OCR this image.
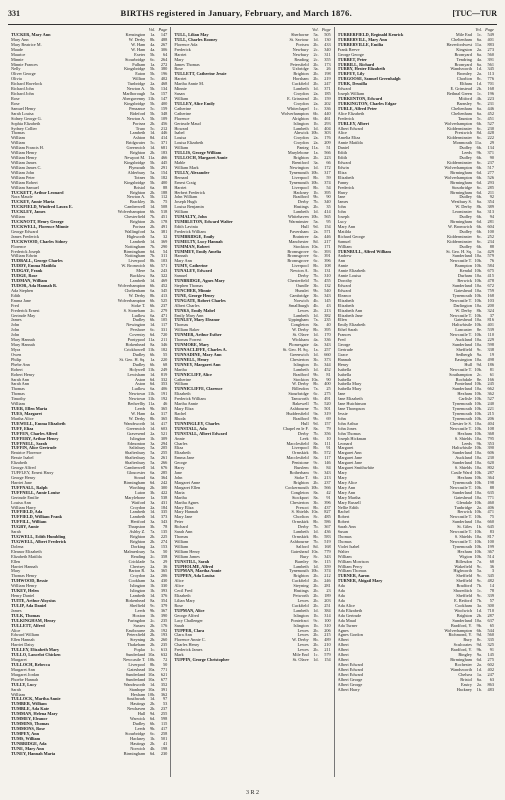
331	BIRTHS registered in January, February, and March 1876.	[TUC—TUR
Vol. Page
TUCKER, Mary Ann	Kensington	1a.	147
Mary Ann	W. Derby	8b.	488
Mary Beatrice M.	W. Ham	4a.	267
Maude	W. Ham	4a.	306
Maurice	Exeter	5b.	64
Minnie	Stourbridge	6c.	264
Minnie Frances	Fulham	1a.	272
Nelly	Kingsbridge	5b.	380
Oliver George	Eaton	5b.	196
Olivia	Willton	5c.	402
Richard Havelock	Tunbridge	2a.	468
Richard John	Newton A.	5b.	134
Richard John	Marlborough	5a.	157
Rose	Abergavenny 11b.	147
Rose	Kingsbridge	5b.	400
Samuel Henry	Penzance	5c.	159
Sarah Louisa	Bideford	5b.	348
Sidney George G.	Newton A.	5b.	109
Sophia Elizabeth	Portsea	2b.	456
Sydney Collier	Truro	5c.	212
Thomas	Lambeth	1d.	446
William	Ashton	8d.	414
William	Bridgwater	5c.	371
William Francis H.	Greenwich	1d.	681
William Henry	Brighton	2b.	183
William Henry	Newport M. 11a.	466
William James	Kingsbridge	5b.	445
William James C.	Plymouth	5b.	291
William John	Alderbury	5a.	154
William Peter	Totnes	5b.	182
William Robert	Kingsbridge	5b.	400
William Samuel	Bristol	6a.	88
TUCKETT, Arthur Leonard	Brighton	2b.	188
Nora Maude	Newton A.	5b.	112
TUCKEY, Annie Maria	Brackley	3b.	75
TUCKFIELD, Winifred Laura E.	Camberwell	1d.	508
TUCKLEY, James	Wolverhampton	6b.	518
William	Chesterfield	7b.	451
TUCKNOTT, Henry George	Brighton	2b.	178
TUCKWELL, Florence Minnie	Portsea	2b.	491
George Edward	Wallingford	3a.	381
James Frederick	Highworth	5a.	32
TUCKWOOD, Charles Sidney	Lambeth	1d.	369
Florence	Nottingham	7b.	290
Frederick Joseph	Birmingham	6d.	54
William Edwin	Nottingham	7b.	311
TUDBALL, George Charles	Liverpool	8b.	103
TUDDY, Emma Matilda	W. Bromwich	6b.	571
TUDGAY, Frank	Mere	5a.	243
TUDGE, Rose	Bucklow	8a.	322
TUDMAN, William	Lambeth	1d.	469
TUDOR, Ada Hannah B.	Wolverhampton	6b.	452
Ada Stephen	Cheltenham	6a.	345
Edith	W. Derby	8b.	413
Emma Jane	Wolverhampton	6b.	525
Fred	Stoke T.	6b.	237
Frederick Ernest	S. Stoneham	2c.	279
Gertrude May	Ludlow	6a.	471
James	Dudley	6b.	105
John	Newington	1d.	117
John	Pershore	6c.	331
John	Coventry	6d.	720
Mary Hannah	Pontypool 11a.	211
Mary Hannah	Birkenhead	8a.	346
Myra	Crickhowell 11b.	182
Owen	Dudley	6b.	55
Philip	St. Geo. H. Sq.	1a.	220
Phebe Ann	Dudley	6b.	68
Robert	Holywell 11b.	249
Robert Henry	Lewisham	1d.	819
Sarah Ann	Aston	6d.	332
Sarah Ann	Aston	6d.	353
Thomas	Ludlow	6a.	406
Thomas	Newtown 11b.	191
Timothy	Newtown 11b.	192
William	Bedwellty 11a.	46
TUER, Ellen Maria	Leeds	9b.	365
TUES, Margaret	W. Ham	4a.	317
Martha Alice	W. Derby	8b.	365
TUEWELL, Emma Elizabeth	Wandsworth	1d.	417
TUFF, Eliza	Greenwich	1d.	603
TUFFEN, Charles Alfred	Gravesend	2a.	521
TUFFERY, Arthur Henry	Islington	1b.	309
TUFFNELL, Sarah	Edmonton	3a.	294
TUFFIN, Alice Gertrude	Salisbury	5a.	205
Beatrice Florence	Shaftesbury	5a.	255
Bessie Isabel	Shaftesbury	5a.	261
Elizabeth	Shaftesbury	5a.	266
George Alfred	Camberwell	1d.	676
TUFFLEY, Ernest Harry	Gloucester	6a.	285
George Henry	Stroud	6a.	364
Harriet Jane	Birmingham	6d.	242
TUFFNALL, Ralph	Worthing	2b.	300
TUFFNELL, Annie Louise	Luton	3b.	422
Gertrude Emilie	Marylebone	1a.	538
Louisa Ann	Watford	3a.	431
William Harry	Croydon	2a.	184
TUFFIELD, Ada	Lambeth	1d.	335
TUFFIELD, William Frank	Lambeth	1d.	373
TUFFILL, William	Hertford	3a.	343
TUGBY, Annie	Thrapston	3b.	78
Sarah	Ashby Z.	7a.	135
TUGWELL, Edith Humbling	Brighton	2b.	225
TUGWELL, Albert Frederick	Brighton	2b.	274
Dolena	Dorking	2a.	153
Eleanor Elizabeth	Malmesbury	5a.	50
Elizabeth Matilda	Reading	2c.	358
Ellen	Cricklade	5a.	29
Harriet Hannah	Chertsey	2a.	36
Mary	Barton R.	3a.	365
Thomas Henry	Croydon	2a.	206
TUHWOOD, Bessie	Cookham	3a.	430
William Henry	Islington	1b.	330
TUKEY, Helen	Islington	1b.	393
Henry Daniel	Lambeth	1d.	376
TUITE, Arthur Aloysius	Birkenhead	8a.	354
TULIP, Ada Daniel	Sheffield	9c.	379
James	Leeds	9b.	367
TULK, Thomas	Hoxton	1b.	390
TULKINGHAM, Henry	Faringdon	2c.	235
TULLETT, Alfred	Sussex	2b.	176
Alice	Eastbourne	2b.	192
Edward William	Petersfield	2b.	193
Ellen Hannah	Steyning	2b.	260
Harriet Daisy	Thakeham	2b.	235
TULLEY, Elizabeth Mary	Poplar	1c.	613
TULLO, Lancelot Chicken	Sunderland 10a.	632
Margaret	Newcastle T. 10b.	72
TULLOCH, Rebecca	Liverpool	8b.	50
Margaret Ann	Gateshead 10a.	771
Margaret Jordan	Sunderland 10a.	621
Phoebe Hannah	Sunderland 10a.	677
TULLY, Lucy	Wandsworth	1d.	352
Sarah	Stanhope 10a.	391
William	Hexham 10b.	362
TULLOCK, Martha Annie	Southwark	1d.	97
TUMBER, William	Hastings	2b.	53
TUMBLE, Ada Kate	Newhaven	2b.	237
TUMMAN, Helena Mary	Hull	9d.	255
TUMMEY, Eleanor	Warwick	6d.	598
TUMMINS, Thomas	Dudley	6b.	115
TUMMONS, Rose	Leeds	9b.	417
TUMPEY, Ann	Stourbridge	6c.	258
TUMS, William	Hackney	1b.	501
TUNBRIDGE, Ada	Hastings	2b.	41
TUNE, Mary Ann	Norwich	4b.	198
TUNEY, Hannah Maria	Birmingham	6d.	230
Vol. Page
TULL, Lilian May	Sherborne	5a.	505
TULL, Charles Rooney	St. Saviour	1d.	130
Florence Ada	Portsea	2b.	433
Frederick	Newbury	2c.	340
Harriet	Newbury	2c.	311
Mary	Reading	2c.	355
James Thomas	Petersfield	2b.	173
Rose	Uxbridge	3a.	26
TULLETT, Catherine Jessie	Brighton	2b.	198
Harriet	Horsham	2b.	219
Martha Annie M.	Cuckfield	2b.	247
Minnie	Lambeth	1d.	371
Susan	Croydon	2a.	185
William	E. Grinstead	2b.	159
TULLEY, Alice Emily	Croydon	2a.	202
Catherine	Whitechapel	1c.	336
Catherine	Wolverhampton	6b.	440
Florence	Alrighton	6b.	461
Gertrude Maud	Islington	1b.	293
Howard	Lambeth	1d.	404
Isabel	Alnwick 10b.	303
Louisa	Croydon	2a.	176
Louisa Elizabeth	Croydon	2a.	209
William	Panteg 11a.	51
TULLIS, George William	Marylebone	1a.	566
TULLOCH, Margaret Annie	Brighton	2b.	223
Mable	Brentford	3a.	66
William Mark	Newington	1d.	172
TULLY, Alexander	Tynemouth 10b.	317
Bernard	Liverpool	8b.	59
Ernest Craig	Tynemouth 10b.	374
Harriet	Liverpool	8b.	54
Herbert Frederick	Hackney	1b.	395
John William	Bradford	9b.	90
Joseph Hugh	Derby	7b.	340
Louisa Benjamin	Hastings	2b.	35
William	Lambeth	1d.	414
TUMALTY, John	Whitehaven 10b.	565
TUMBLETON, Edward Walter	Warminster	5a.	95
Edith Lavinia	Hull	9d.	154
Frederick William	Faversham	2a.	571
TUMBRIDGE, Emily	Braintree	4a.	446
TUMELTY, Lucy Hannah	Manchester	8d.	217
TUMMAN, Robert	Stockton 10a.	171
TUMMEY, Emily Amelia	Bromsgrove	6c.	393
Hannah	Bromsgrove	6c.	391
Mary Ann	Bromsgrove	6c.	396
TUMY, Catherine	Liverpool	8b.	108
TUNALEY, Edward	Newton A.	5b.	131
Samuel	Derby	7b.	310
TUNBRIDGE, Agnes Mary	Chesterfield	7b.	455
Stephen Thomas	Oundle	3b.	132
TUNCHER, Minnie	Hunslet	9b.	540
TUNE, George Henry	Cambridge	3b.	343
TUNGATE, Robert Charles	Norwich	4b.	145
Albert Charles	Smallburgh	4b.	43
TUNKS, Emily Mabel	Lewes	2b.	213
Emily Mary Ann	Lambeth	1d.	382
TUNLEY, Mary Eleanor	Uppingham	7a.	235
Thomas	Congleton	8a.	40
William Baker	W. Derby	8b.	395
TUNMER, Arthur Esther	St. Olave	1d.	170
Thomas Forrest	Wickham	4a.	336
TUNMORE, Mary	Plomesgate	4a.	343
TUNNACLIFFE, Charles A.	St. Geo. H. Sq.	1a.	257
TUNNADINE, Mary Ann	Greenwich	1d.	660
TUNNELL, Henry	Chesterton	3b.	373
TUNNEY, Margaret Ann	Islington	1b.	344
Martha	Lambeth	1d.	452
TUNNICLIFF, Alice	Bradford	9b.	81
Catherine	Stockton 10a.	90
William	W. Derby	8b.	400
TUNNICLIFFE, Clarence	Billesdon	7a.	25
Elizabeth	Stourbridge	6c.	275
Frederick William	Tamworth	6b.	491
Martha Annie	Bakewell	7b.	520
Mary Eliza	Ashbourne	7b.	501
Rachel	Huddersfield	9a.	319
Rhoda	Bradford	9b.	69
TUNNINGLEY, Charles	Hull	9d.	157
TUNSTALL, Ada	Chapel en le F.	8a.	79
TUNSTALL, Albert Edward	Derby	7b.	356
Annie	Leek	6b.	10
Charles	Macclesfield	8a.	111
Eliza	Liverpool	8b.	91
Elizabeth	Ormskirk	8b.	572
Emma Jane	Macclesfield	8a.	117
George	Penistone	9c.	146
Harry	Burslem	6b.	84
Jane	Rotherham	9c.	343
John	Stoke T.	6b.	213
Margaret Anne	Brighton	2b.	237
Margaret Ellen	Cockermouth 10b.	566
Maria	Congleton	8a.	42
Martha	Stockport	8a.	91
Martha Agnes	Chesterton	3b.	396
Mary Eliza	Prescot	8b.	437
Mary Hannah	S. Shields 10a.	827
Mary Jane	Chorlton	8c.	485
Peter	Ormskirk	8b.	586
Richard	Derby	7b.	367
Sarah Ann	Lambeth	1d.	436
Thomas	Ormskirk	8b.	583
William	Ashbourne	7b.	519
William	Salford	8d.	168
William Henry	Gateshead 10a.	779
William James	Bury	8c.	343
TUNSTILL, Sarah	Burnley	8e.	115
TUPHOLME, Alfred	Lambeth	1d.	359
TUPMAN, Martha Annie	Tynemouth 10b.	374
TUPPEN, Ada Louisa	Brighton	2b.	212
Alice	Cuckfield	2b.	246
Alice	Steyning	2b.	281
Cecil Fred	Hastings	2b.	23
Elizabeth	Petworth	2b.	189
Lilian Mary	Lewes	2b.	203
Rose	Cuckfield	2b.	251
TUPMAN, Alice	Lambeth	1d.	384
George Alfred	Islington	1b.	314
Lacy Challenger	Pontefract	9c.	100
Sarah	Islington	1b.	310
TUPPER, Clara	Lewes	2b.	206
Clara Ann	Lewes	2b.	215
Florence Annie C.	W. Derby	8b.	489
Charles Henry	Lewes	2b.	210
Frederick James	Lewes	2b.	211
Mark	Mile End	1c.	579
TUPPIN, George Christopher	St. Olave	1d.	154
Vol. Page
TURBERFIELD, Reginald Kenrick	Mile End	1c.	549
TURBERVILL, Mary Ann	Cheltenham	6a.	401
TURBERVILLE, Emilia	Haverfordwest 11a.	883
Frank Reeve	Kingston	2a.	273
George George	Bromyard	6a.	560
TURBET, Peter	Tendring	4a.	391
TURBILL, Richard	Bromyard	6a.	561
TURBY, Hester Elizabeth	Wandsworth	1d.	345
TURFEY, Lily	Bromley	2a.	113
TURGOOSE, Samuel Greenhalgh	Chorlton	8c.	776
TURK, Drusilla	Eltham	1d.	701
Edward	E. Grinstead	2b.	168
Joseph William	Bethnal Green	1c.	196
TURKENTON, Edward	Mitford	4b.	223
TURKINGTON, Charles Edgar	Barnsley	9c.	231
TURLE, Alfred Peter	Cheltenham	6a.	446
Alice Elizabeth	Cheltenham	6a.	452
Frederick	Taunton	5c.	451
TURLEY, Albert	Wolverhampton	6b.	527
Albert Edward	Kidderminster	6c.	230
Alice	Prestwich	8d.	428
Amelia Eliza	Kidderminster	6c.	222
Annie Matilda	Monmouth 11a.	29
Daniel	Dudley	6b.	134
Edith	Leeds	9b.	371
Edith	Dudley	6b.	90
Edward	Kidderminster	6c.	237
Edwin	Wolverhampton	6b.	517
Eliza	Birmingham	6d.	277
Elizabeth	Wolverhampton	6b.	526
Fanny	Birmingham	6d.	293
Frederick	Stourbridge	6c.	285
Harry	Birmingham	6d.	211
Jane	Dudley	6b.	92
James	Westbury S.	6a.	354
John	W. Derby	8b.	389
John	Leominster	6a.	313
Joseph	Dudley	6b.	94
Lucy	Birmingham	6d.	281
Mary Ann	W. Bromwich	6b.	604
Matilda	Dudley	6b.	100
Richard George	Kidderminster	6c.	252
Samuel	Kidderminster	6c.	234
William	Dudley	6b.	88
TURNBULL, Alfred William	St. Geo. H. Sq.	1a.	429
Andrew	Sunderland 10a.	579
Ann	Newcastle T. 10b.	76
Annie	Brampton 10b.	584
Annie Elizabeth	Kendal 10b.	675
Annie Louisa	Durham 10a.	415
Dorothy	Berwick 10b.	478
Edward	Sunderland 10a.	672
Edward	Gateshead 10a.	759
Eleanor	Tynemouth 10b.	168
Elizabeth	Newcastle T. 10b.	103
Elizabeth	Darlington 10a.	200
Elizabeth Ann	W. Derby	8b.	324
Elizabeth Jane	Newcastle T. 10b.	37
Ellen	Gateshead 10a.	816
Emily Elizabeth	Haltwhistle 10b.	401
Ethel Sarah	Lancaster	8e.	539
Frances	Newcastle T. 10b.	110
Fred	Auckland 10a.	229
George	Sunderland 10a.	598
Gertrude	Sheffield	9c.	338
Grace	Sedbergh	9a.	19
Hannah	Easington 10a.	498
Henry	Hull	9d.	186
Isabella	Newcastle T. 10b.	81
Isabella	Southampton	2c.	61
Isabella	Rochdale	8e.	166
Isabella Mary	Ponteland 10b.	245
Isabella Mary	Sunderland 10a.	662
Jane	Hexham 10b.	362
Jane Elizabeth	Carlisle 10b.	527
Jane Hutchinson	Tynemouth 10b.	240
Jane Thompson	Tynemouth 10b.	221
Jessie	Tynemouth 10b.	215
John	Tynemouth 10b.	206
John Arthur	Chester le S. 10a.	404
John Jones	Newcastle T. 10b.	108
John Thomas	Hexham 10b.	368
Joseph Hickman	S. Shields 10a.	795
Leonard	Leeds	9b.	353
Margaret	Haltwhistle 10b.	390
Margaret Ann	Sunderland 10a.	606
Margaret Jane	Auckland 10a.	230
Margaret Jane	Sunderland 10a.	620
Margaret Smithwhite	S. Shields 10a.	802
Mary	Castle Ward 10b.	287
Mary	Hexham 10b.	364
Mary Alice	Tynemouth 10b.	198
Mary Ann	Newcastle T. 10b.	88
Mary Ann	Sunderland 10a.	635
Mary Martha	Gateshead 10a.	771
Mary Russell	Glendale 10b.	460
Nellie Edith	Tunbridge	2a.	406
Rachel	Berwick 10b.	471
Robert	Newcastle T. 10b.	75
Robert	Sunderland 10a.	660
Sarah Ann	St. Giles	1b.	645
Susan	Newcastle T. 10b.	83
Thomas	S. Shields 10a.	817
Thomas	Newcastle T. 10b.	100
Violet Isabel	Tynemouth 10b.	199
Walter	Hexham 10b.	367
William	Wigton 10b.	514
William Morrison	Billesdon	7a.	68
William Percy	Wakefield	9c.	36
William Thomas	Highworth	5a.	3
TURNER, Aaron	Sheffield	9c.	345
TURNER, Abigail Mary	Sheffield	9c.	482
Ada	Bradford	7b.	14
Ada	Shoreditch	1c.	78
Ada	Sheffield	9c.	339
Ada	E. Retford	7b.	57
Ada Alice	Cookham	3a.	300
Ada Elizabeth	Woolwich	1d.	710
Ada Gertrude	Brighton	2b.	287
Ada Maud	Sunderland 10a.	637
Ada Turner	Bradford, Y.	9b.	65
Agnes	Wolverhampton	6b.	544
Agnes Gordon	Richmond, Y.	9d.	560
Albert	Bury	8c.	335
Albert	Sculcoates	9d.	325
Albert	Bradford, Y.	9b.	91
Albert	Bingley	9a.	145
Albert	Birmingham	6d.	275
Albert Edward	Rochester	2a.	602
Albert Edward	Wandsworth	1d.	402
Albert Edward	Chelsea	1a.	247
Albert George	Bristol	6a.	63
Albert George	Eastry	2a.	863
Albert Harry	Hackney	1b.	483
3 R 2
